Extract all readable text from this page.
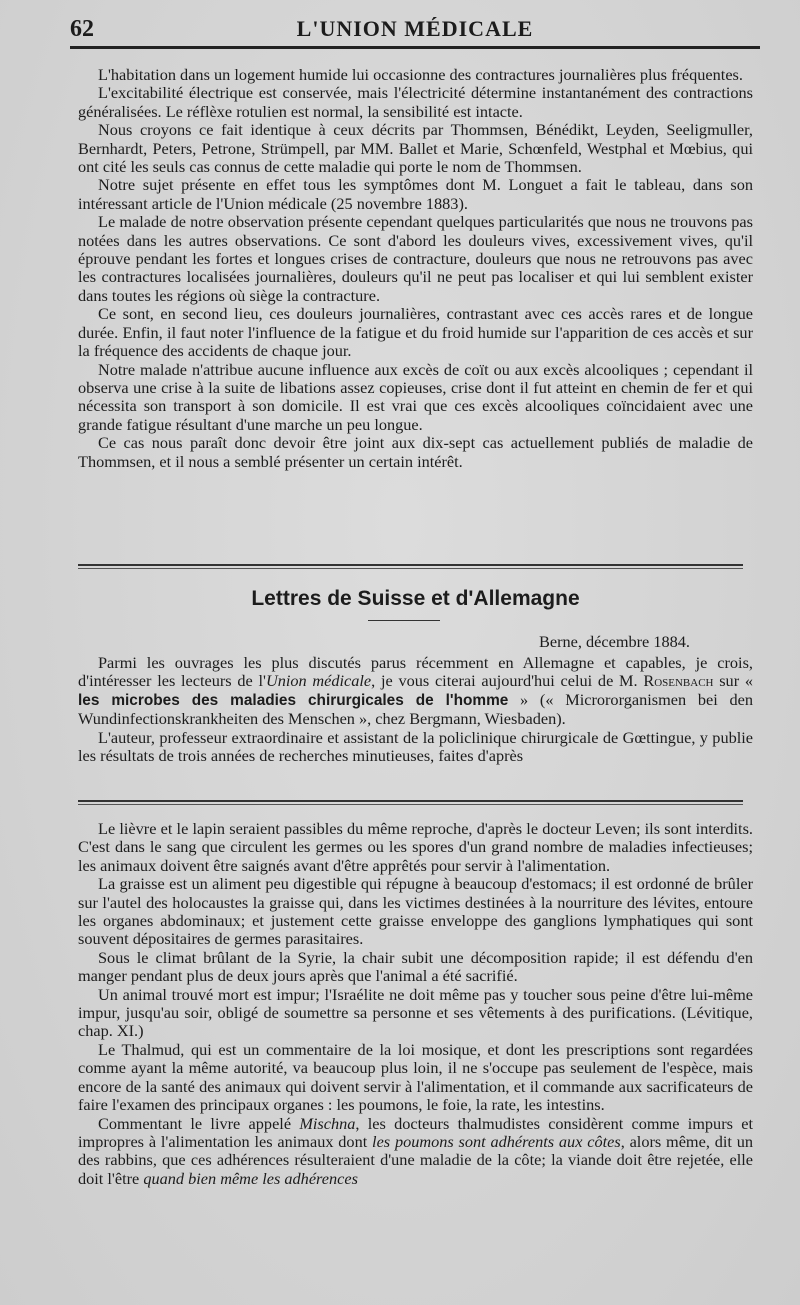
62	L'UNION MÉDICALE

L'habitation dans un logement humide lui occasionne des contractures journalières plus fréquentes.

L'excitabilité électrique est conservée, mais l'électricité détermine instantanément des contractions généralisées. Le réflèxe rotulien est normal, la sensibilité est intacte.

Nous croyons ce fait identique à ceux décrits par Thommsen, Bénédikt, Leyden, Seeligmuller, Bernhardt, Peters, Petrone, Strümpell, par MM. Ballet et Marie, Schœnfeld, Westphal et Mœbius, qui ont cité les seuls cas connus de cette maladie qui porte le nom de Thommsen.

Notre sujet présente en effet tous les symptômes dont M. Longuet a fait le tableau, dans son intéressant article de l'Union médicale (25 novembre 1883).

Le malade de notre observation présente cependant quelques particularités que nous ne trouvons pas notées dans les autres observations. Ce sont d'abord les douleurs vives, excessivement vives, qu'il éprouve pendant les fortes et longues crises de contracture, douleurs que nous ne retrouvons pas avec les contractures localisées journalières, douleurs qu'il ne peut pas localiser et qui lui semblent exister dans toutes les régions où siège la contracture.

Ce sont, en second lieu, ces douleurs journalières, contrastant avec ces accès rares et de longue durée. Enfin, il faut noter l'influence de la fatigue et du froid humide sur l'apparition de ces accès et sur la fréquence des accidents de chaque jour.

Notre malade n'attribue aucune influence aux excès de coït ou aux excès alcooliques ; cependant il observa une crise à la suite de libations assez copieuses, crise dont il fut atteint en chemin de fer et qui nécessita son transport à son domicile. Il est vrai que ces excès alcooliques coïncidaient avec une grande fatigue résultant d'une marche un peu longue.

Ce cas nous paraît donc devoir être joint aux dix-sept cas actuellement publiés de maladie de Thommsen, et il nous a semblé présenter un certain intérêt.

Lettres de Suisse et d'Allemagne
Berne, décembre 1884.

Parmi les ouvrages les plus discutés parus récemment en Allemagne et capables, je crois, d'intéresser les lecteurs de l'Union médicale, je vous citerai aujourd'hui celui de M. Rosenbach sur « les microbes des maladies chirurgicales de l'homme » (« Micrororganismen bei den Wundinfectionskrankheiten des Menschen », chez Bergmann, Wiesbaden).

L'auteur, professeur extraordinaire et assistant de la policlinique chirurgicale de Gœttingue, y publie les résultats de trois années de recherches minutieuses, faites d'après

Le lièvre et le lapin seraient passibles du même reproche, d'après le docteur Leven; ils sont interdits. C'est dans le sang que circulent les germes ou les spores d'un grand nombre de maladies infectieuses; les animaux doivent être saignés avant d'être apprêtés pour servir à l'alimentation.

La graisse est un aliment peu digestible qui répugne à beaucoup d'estomacs; il est ordonné de brûler sur l'autel des holocaustes la graisse qui, dans les victimes destinées à la nourriture des lévites, entoure les organes abdominaux; et justement cette graisse enveloppe des ganglions lymphatiques qui sont souvent dépositaires de germes parasitaires.

Sous le climat brûlant de la Syrie, la chair subit une décomposition rapide; il est défendu d'en manger pendant plus de deux jours après que l'animal a été sacrifié.

Un animal trouvé mort est impur; l'Israélite ne doit même pas y toucher sous peine d'être lui-même impur, jusqu'au soir, obligé de soumettre sa personne et ses vêtements à des purifications. (Lévitique, chap. XI.)

Le Thalmud, qui est un commentaire de la loi mosique, et dont les prescriptions sont regardées comme ayant la même autorité, va beaucoup plus loin, il ne s'occupe pas seulement de l'espèce, mais encore de la santé des animaux qui doivent servir à l'alimentation, et il commande aux sacrificateurs de faire l'examen des principaux organes : les poumons, le foie, la rate, les intestins.

Commentant le livre appelé Mischna, les docteurs thalmudistes considèrent comme impurs et impropres à l'alimentation les animaux dont les poumons sont adhérents aux côtes, alors même, dit un des rabbins, que ces adhérences résulteraient d'une maladie de la côte; la viande doit être rejetée, elle doit l'être quand bien même les adhérences
